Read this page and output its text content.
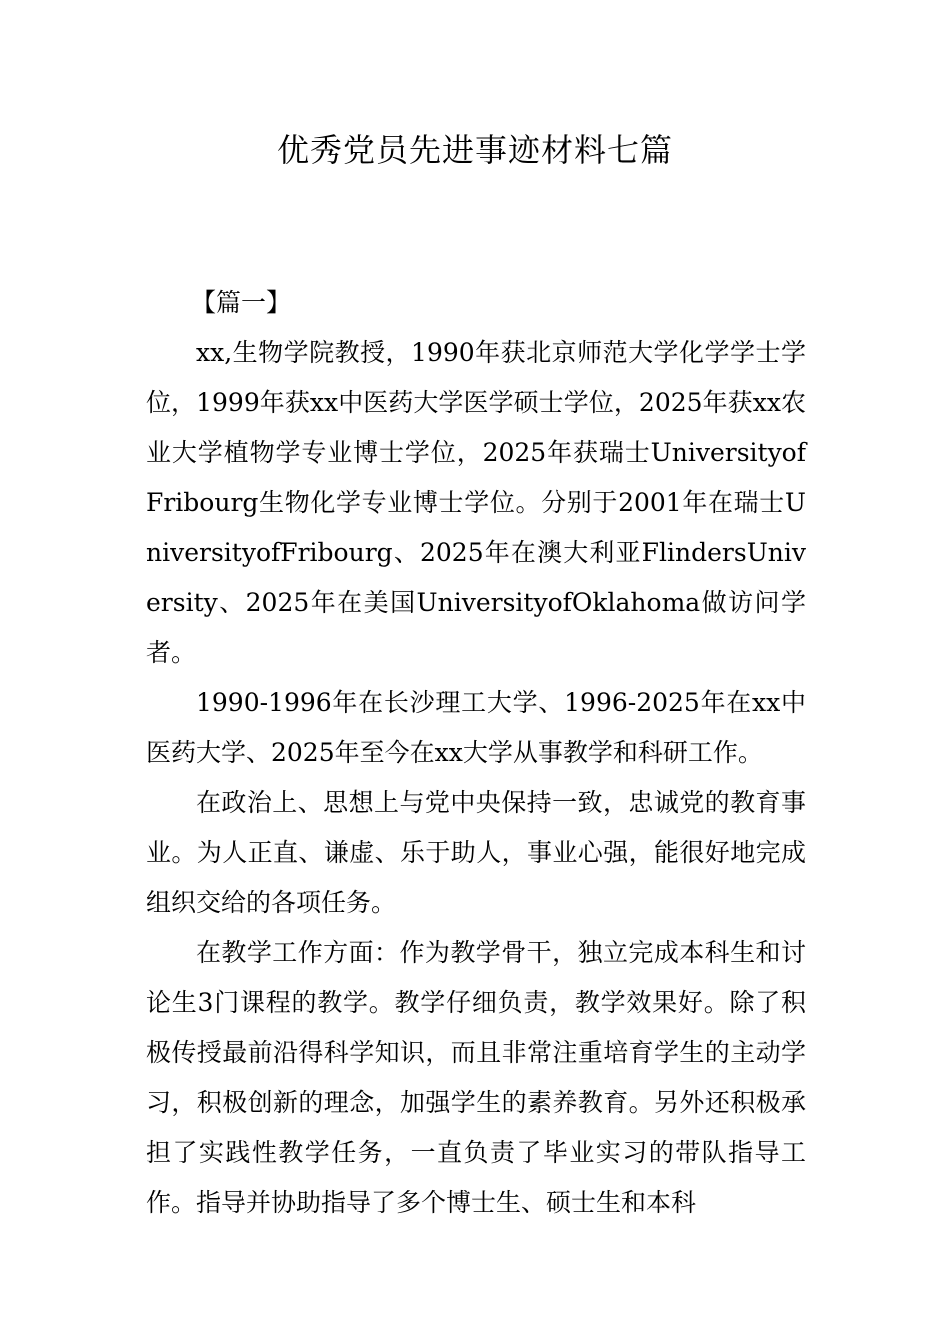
优秀党员先进事迹材料七篇

【篇一】

xx,生物学院教授，1990年获北京师范大学化学学士学位，1999年获xx中医药大学医学硕士学位，2025年获xx农业大学植物学专业博士学位，2025年获瑞士UniversityofFribourg生物化学专业博士学位。分别于2001年在瑞士UniversityofFribourg、2025年在澳大利亚FlindersUniversity、2025年在美国UniversityofOklahoma做访问学者。

1990-1996年在长沙理工大学、1996-2025年在xx中医药大学、2025年至今在xx大学从事教学和科研工作。

在政治上、思想上与党中央保持一致，忠诚党的教育事业。为人正直、谦虚、乐于助人，事业心强，能很好地完成组织交给的各项任务。

在教学工作方面：作为教学骨干，独立完成本科生和讨论生3门课程的教学。教学仔细负责，教学效果好。除了积极传授最前沿得科学知识，而且非常注重培育学生的主动学习，积极创新的理念，加强学生的素养教育。另外还积极承担了实践性教学任务，一直负责了毕业实习的带队指导工作。指导并协助指导了多个博士生、硕士生和本科
